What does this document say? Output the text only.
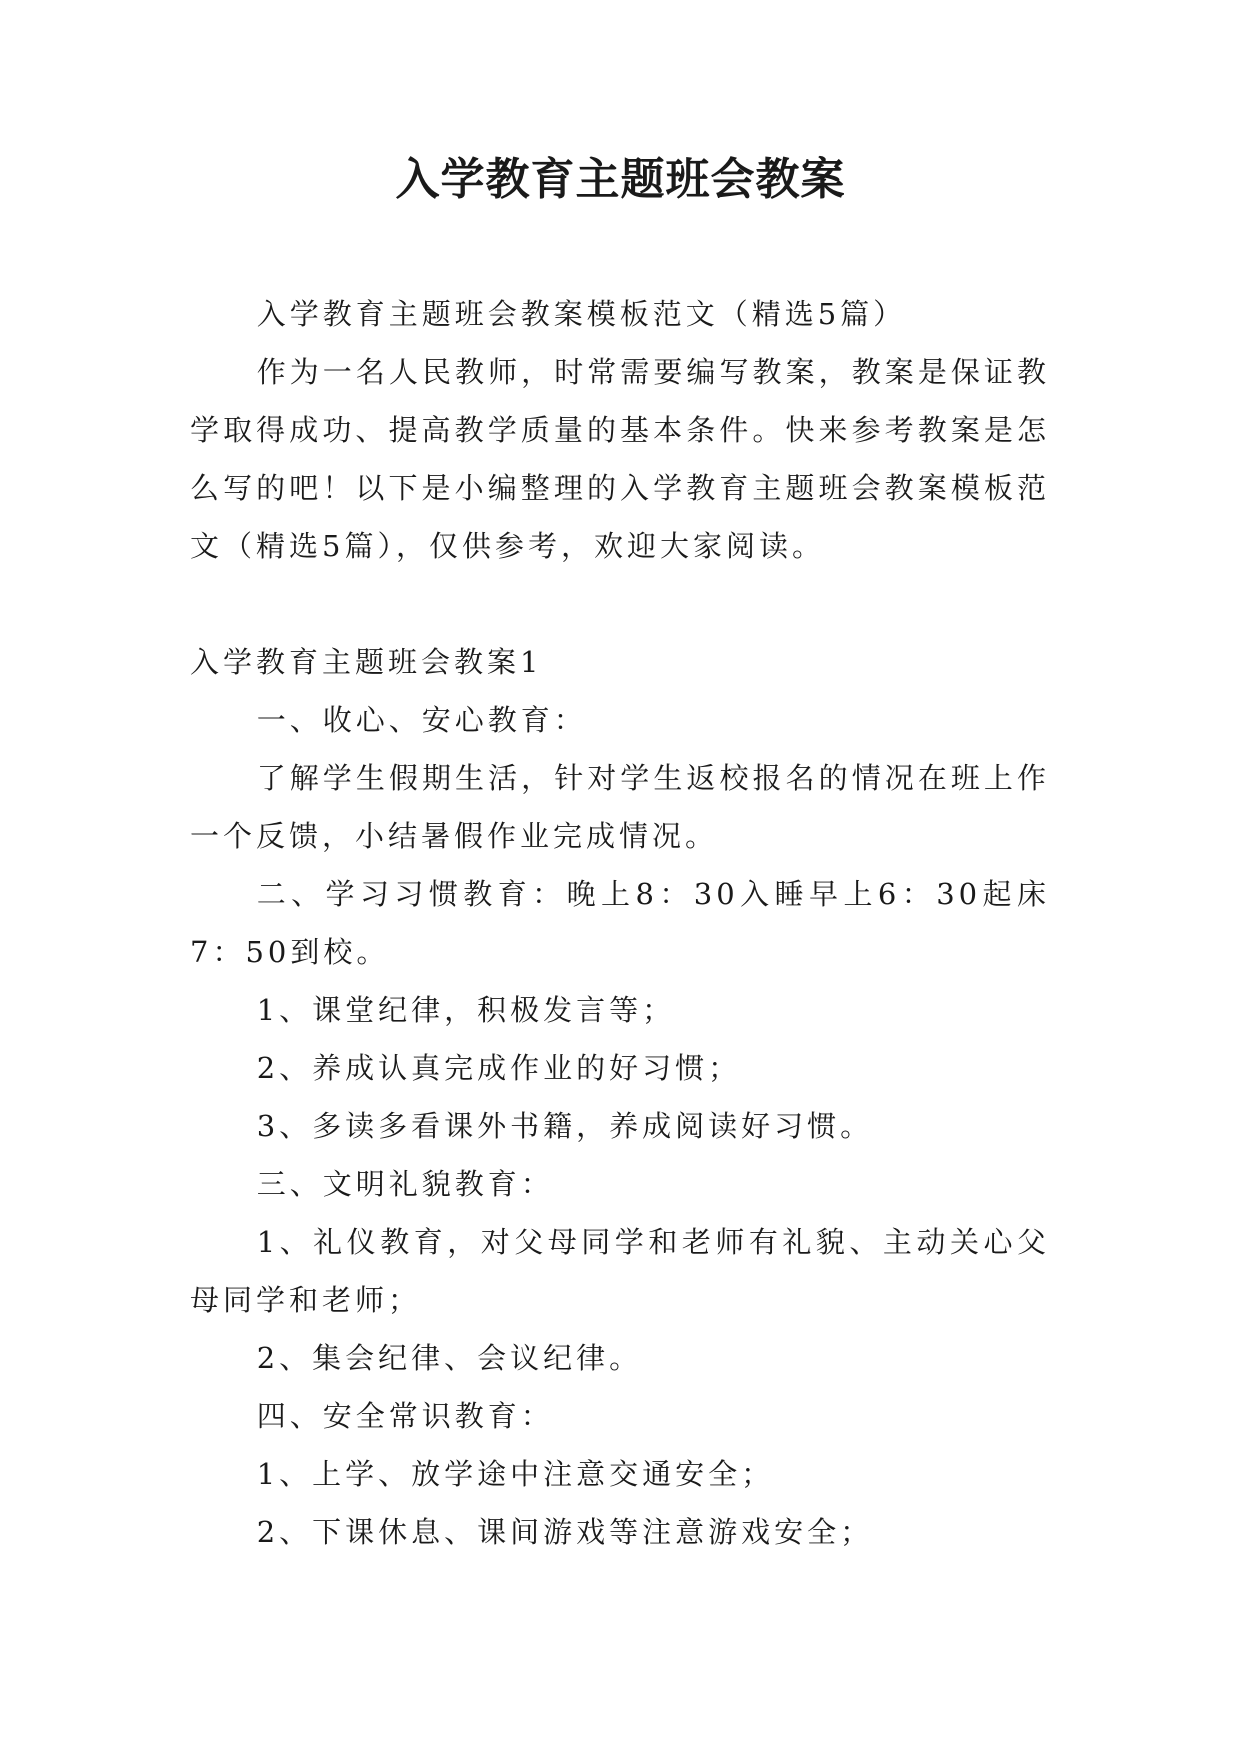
入学教育主题班会教案

入学教育主题班会教案模板范文（精选5篇）

作为一名人民教师，时常需要编写教案，教案是保证教学取得成功、提高教学质量的基本条件。快来参考教案是怎么写的吧！以下是小编整理的入学教育主题班会教案模板范文（精选5篇），仅供参考，欢迎大家阅读。

入学教育主题班会教案1

一、收心、安心教育：

了解学生假期生活，针对学生返校报名的情况在班上作一个反馈，小结暑假作业完成情况。

二、学习习惯教育：晚上8：30入睡早上6：30起床7：50到校。

1、课堂纪律，积极发言等；

2、养成认真完成作业的好习惯；

3、多读多看课外书籍，养成阅读好习惯。

三、文明礼貌教育：

1、礼仪教育，对父母同学和老师有礼貌、主动关心父母同学和老师；

2、集会纪律、会议纪律。

四、安全常识教育：

1、上学、放学途中注意交通安全；

2、下课休息、课间游戏等注意游戏安全；
